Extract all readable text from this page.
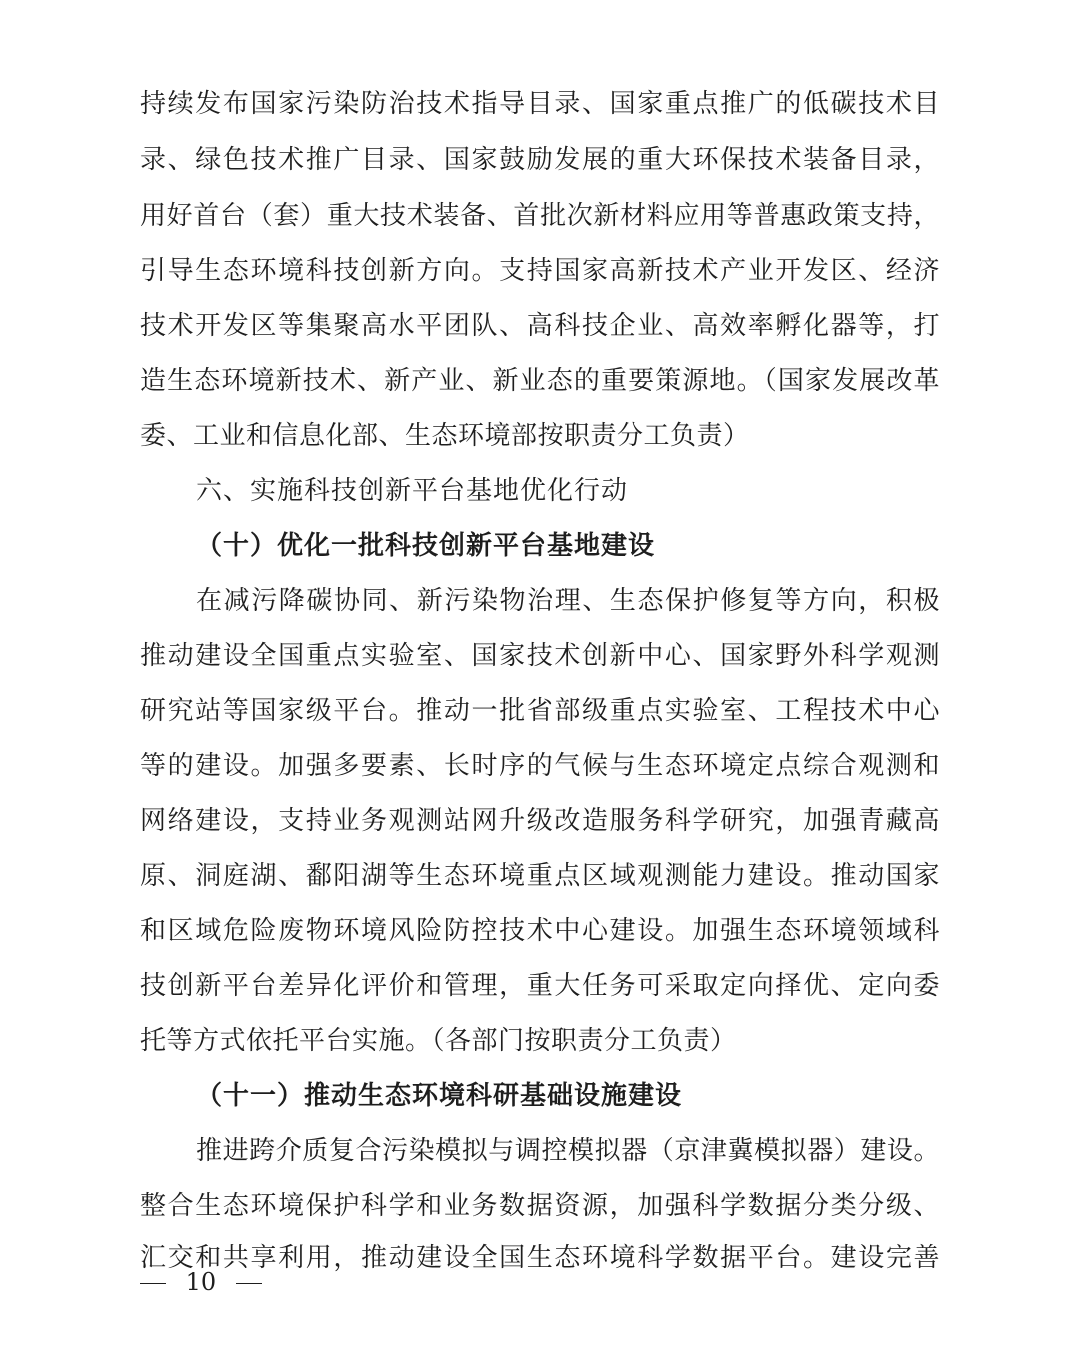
持续发布国家污染防治技术指导目录、国家重点推广的低碳技术目
录、绿色技术推广目录、国家鼓励发展的重大环保技术装备目录，
用好首台（套）重大技术装备、首批次新材料应用等普惠政策支持，
引导生态环境科技创新方向。支持国家高新技术产业开发区、经济
技术开发区等集聚高水平团队、高科技企业、高效率孵化器等，打
造生态环境新技术、新产业、新业态的重要策源地。（国家发展改革
委、工业和信息化部、生态环境部按职责分工负责）
六、实施科技创新平台基地优化行动
（十）优化一批科技创新平台基地建设
在减污降碳协同、新污染物治理、生态保护修复等方向，积极
推动建设全国重点实验室、国家技术创新中心、国家野外科学观测
研究站等国家级平台。推动一批省部级重点实验室、工程技术中心
等的建设。加强多要素、长时序的气候与生态环境定点综合观测和
网络建设，支持业务观测站网升级改造服务科学研究，加强青藏高
原、洞庭湖、鄱阳湖等生态环境重点区域观测能力建设。推动国家
和区域危险废物环境风险防控技术中心建设。加强生态环境领域科
技创新平台差异化评价和管理，重大任务可采取定向择优、定向委
托等方式依托平台实施。（各部门按职责分工负责）
（十一）推动生态环境科研基础设施建设
推进跨介质复合污染模拟与调控模拟器（京津冀模拟器）建设。
整合生态环境保护科学和业务数据资源，加强科学数据分类分级、
汇交和共享利用，推动建设全国生态环境科学数据平台。建设完善
10
